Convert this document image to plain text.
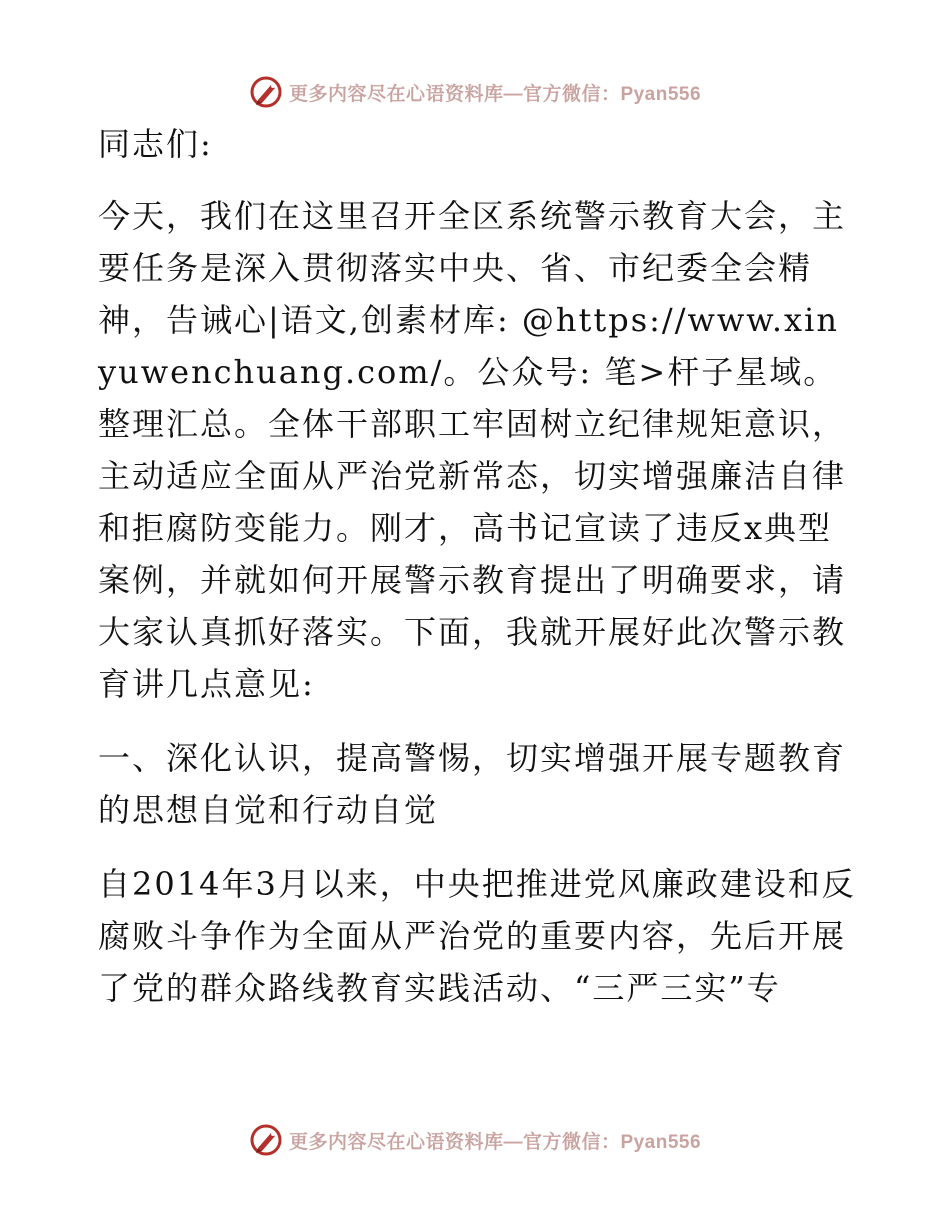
更多内容尽在心语资料库—官方微信：Pyan556

同志们:

今天，我们在这里召开全区系统警示教育大会，主要任务是深入贯彻落实中央、省、市纪委全会精神，告诫心|语文,创素材库: @https://www.xinyuwenchuang.com/。公众号: 笔>杆子星域。整理汇总。全体干部职工牢固树立纪律规矩意识，主动适应全面从严治党新常态，切实增强廉洁自律和拒腐防变能力。刚才，高书记宣读了违反x典型案例，并就如何开展警示教育提出了明确要求，请大家认真抓好落实。下面，我就开展好此次警示教育讲几点意见:

一、深化认识，提高警惕，切实增强开展专题教育的思想自觉和行动自觉

自2014年3月以来，中央把推进党风廉政建设和反腐败斗争作为全面从严治党的重要内容，先后开展了党的群众路线教育实践活动、“三严三实”专

更多内容尽在心语资料库—官方微信：Pyan556
